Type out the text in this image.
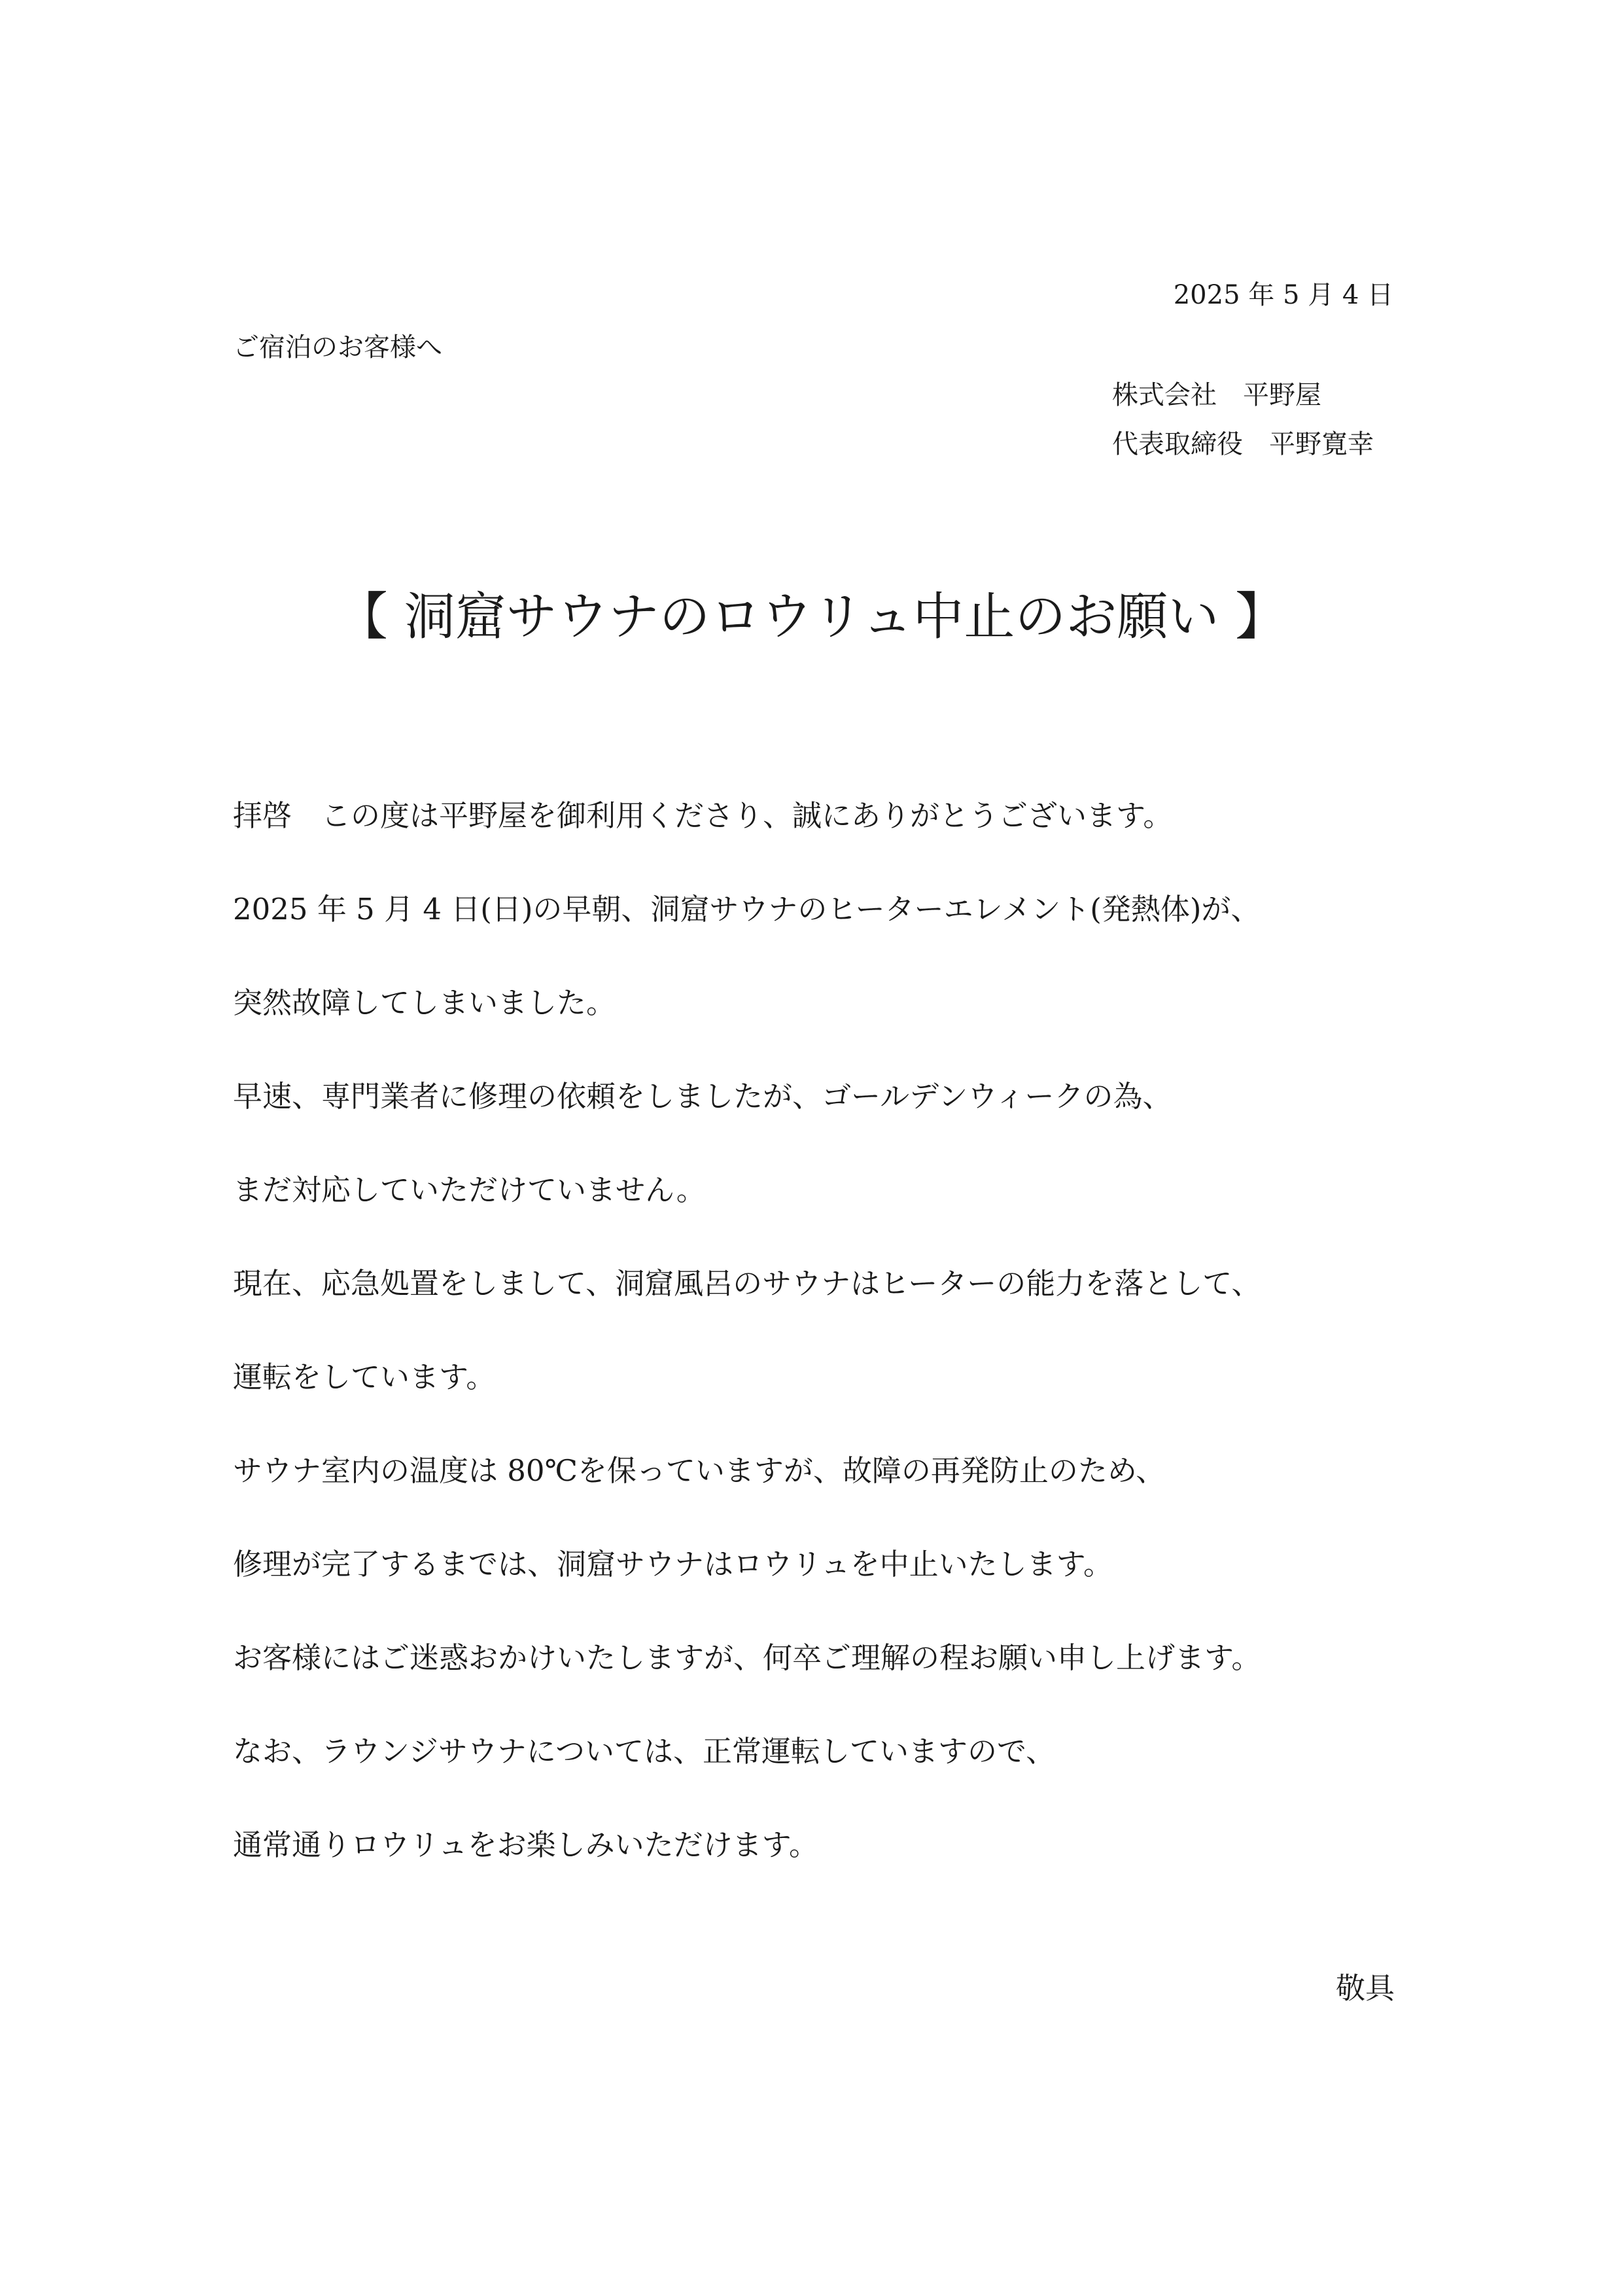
2025 年 5 月 4 日
ご宿泊のお客様へ
株式会社　平野屋
代表取締役　平野寛幸
【 洞窟サウナのロウリュ中止のお願い 】
拝啓　この度は平野屋を御利用くださり、誠にありがとうございます。
2025 年 5 月 4 日(日)の早朝、洞窟サウナのヒーターエレメント(発熱体)が、
突然故障してしまいました。
早速、専門業者に修理の依頼をしましたが、ゴールデンウィークの為、
まだ対応していただけていません。
現在、応急処置をしまして、洞窟風呂のサウナはヒーターの能力を落として、
運転をしています。
サウナ室内の温度は 80℃を保っていますが、故障の再発防止のため、
修理が完了するまでは、洞窟サウナはロウリュを中止いたします。
お客様にはご迷惑おかけいたしますが、何卒ご理解の程お願い申し上げます。
なお、ラウンジサウナについては、正常運転していますので、
通常通りロウリュをお楽しみいただけます。
敬具
